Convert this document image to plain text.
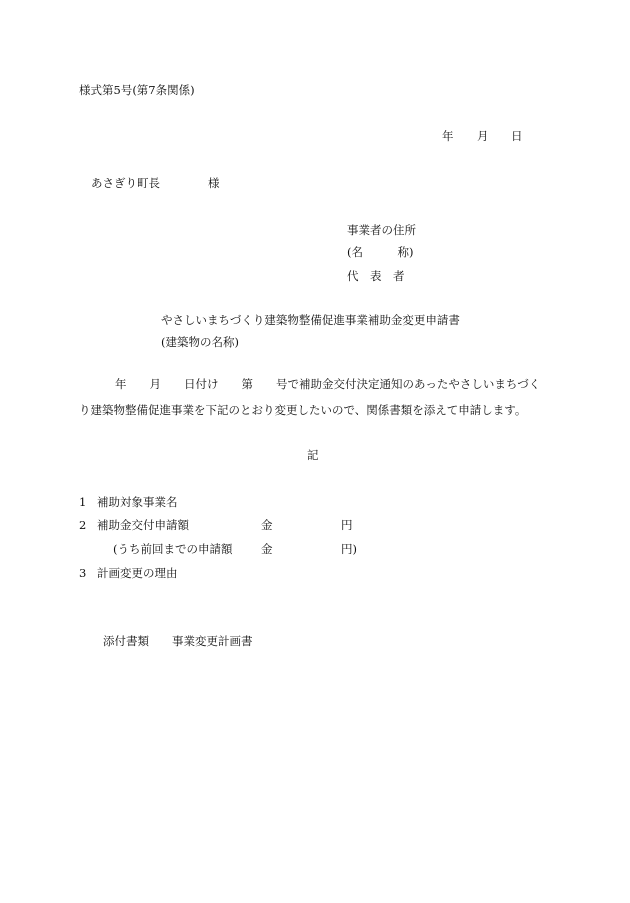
様式第5号(第7条関係)
年 月 日
あさぎり町長	様
事業者の住所
(名　　　称)
代　表　者
やさしいまちづくり建築物整備促進事業補助金変更申請書
(建築物の名称)
年　　月　　日付け　　第　　号で補助金交付決定通知のあったやさしいまちづく
り建築物整備促進事業を下記のとおり変更したいので、関係書類を添えて申請します。
記
1 補助対象事業名
2 補助金交付申請額	金	円
(うち前回までの申請額 金	円)
3 計画変更の理由
添付書類 事業変更計画書
